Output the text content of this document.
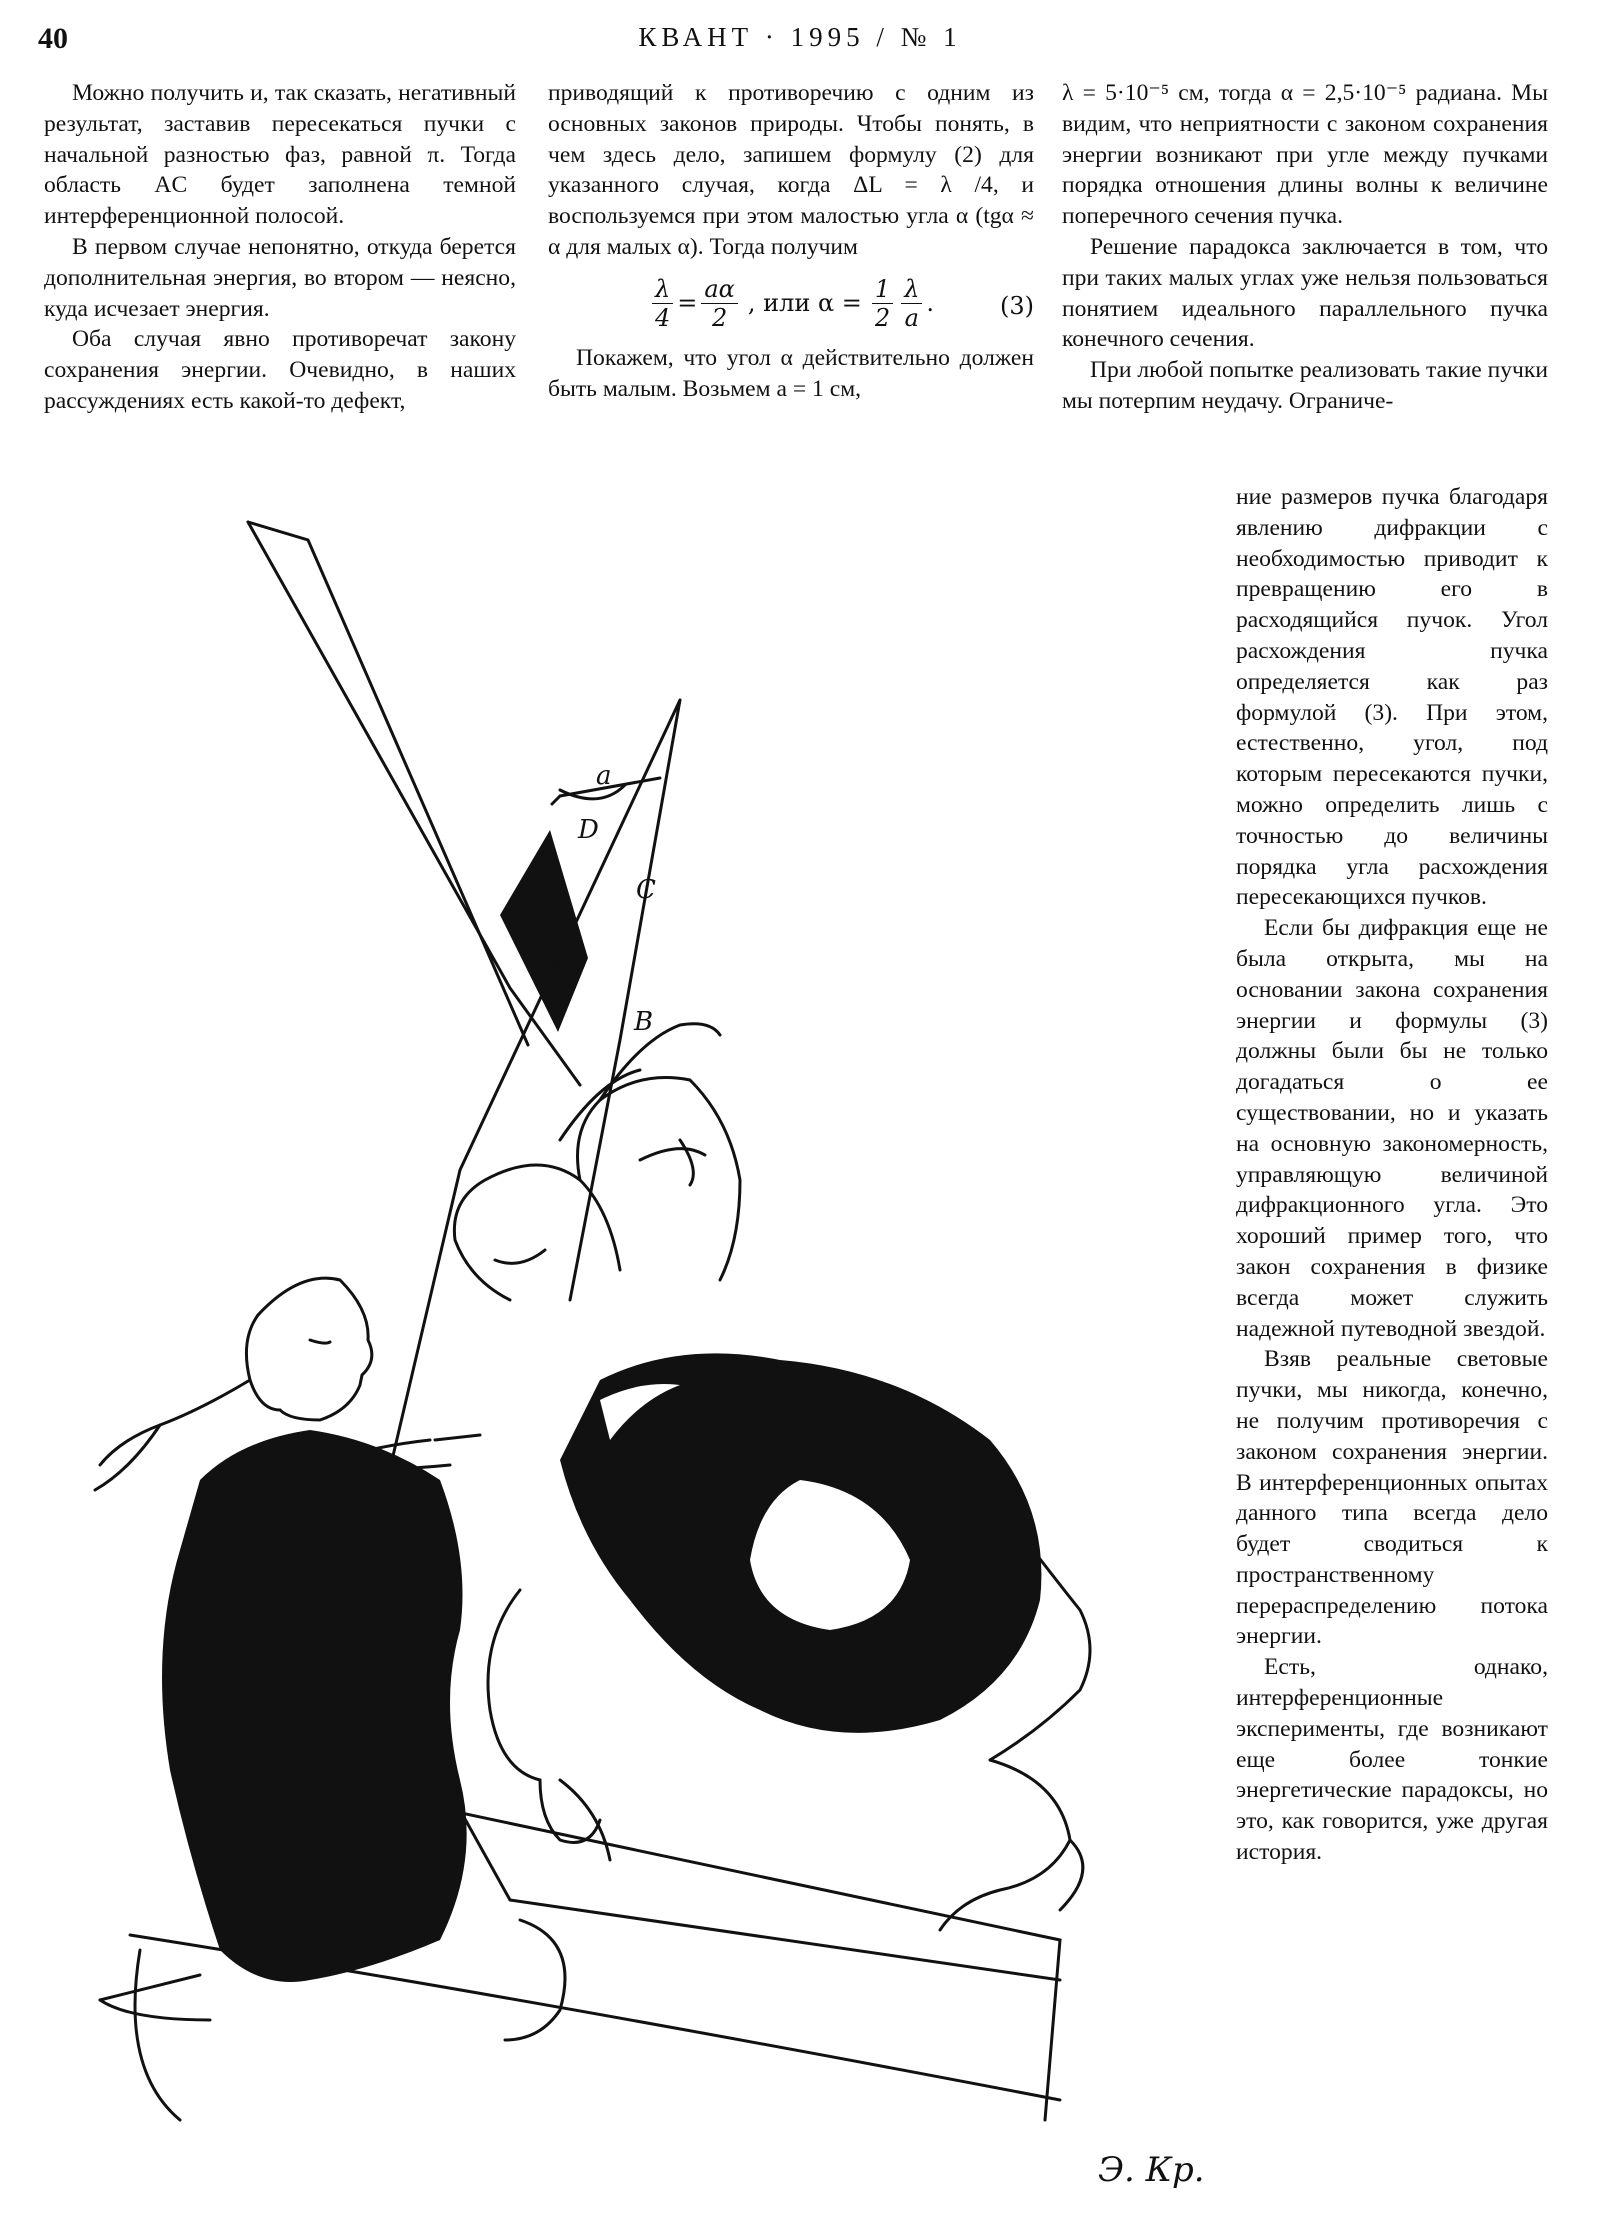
40	КВАНТ · 1995 / № 1

Можно получить и, так сказать, негативный результат, заставив пересекаться пучки с начальной разностью фаз, равной π. Тогда область AC будет заполнена темной интерференционной полосой.

В первом случае непонятно, откуда берется дополнительная энергия, во втором — неясно, куда исчезает энергия.

Оба случая явно противоречат закону сохранения энергии. Очевидно, в наших рассуждениях есть какой-то дефект,

приводящий к противоречию с одним из основных законов природы. Чтобы понять, в чем здесь дело, запишем формулу (2) для указанного случая, когда ΔL = λ /4, и воспользуемся при этом малостью угла α (tgα ≈ α для малых α). Тогда получим

$\frac{\lambda}{4} = \frac{a\alpha}{2}$ , или $\alpha = \frac{1}{2} \frac{\lambda}{a}$ .	(3)

Покажем, что угол α действительно должен быть малым. Возьмем a = 1 см,

λ = 5·10⁻⁵ см, тогда α = 2,5·10⁻⁵ радиана. Мы видим, что неприятности с законом сохранения энергии возникают при угле между пучками порядка отношения длины волны к величине поперечного сечения пучка.

Решение парадокса заключается в том, что при таких малых углах уже нельзя пользоваться понятием идеального параллельного пучка конечного сечения.

При любой попытке реализовать такие пучки мы потерпим неудачу. Ограниче-

ние размеров пучка благодаря явлению дифракции с необходимостью приводит к превращению его в расходящийся пучок. Угол расхождения пучка определяется как раз формулой (3). При этом, естественно, угол, под которым пересекаются пучки, можно определить лишь с точностью до величины порядка угла расхождения пересекающихся пучков.

Если бы дифракция еще не была открыта, мы на основании закона сохранения энергии и формулы (3) должны были бы не только догадаться о ее существовании, но и указать на основную закономерность, управляющую величиной дифракционного угла. Это хороший пример того, что закон сохранения в физике всегда может служить надежной путеводной звездой.

Взяв реальные световые пучки, мы никогда, конечно, не получим противоречия с законом сохранения энергии. В интерференционных опытах данного типа всегда дело будет сводиться к пространственному перераспределению потока энергии.

Есть, однако, интерференционные эксперименты, где возникают еще более тонкие энергетические парадоксы, но это, как говорится, уже другая история.

a
D
C
A
B
Э. Кр.
